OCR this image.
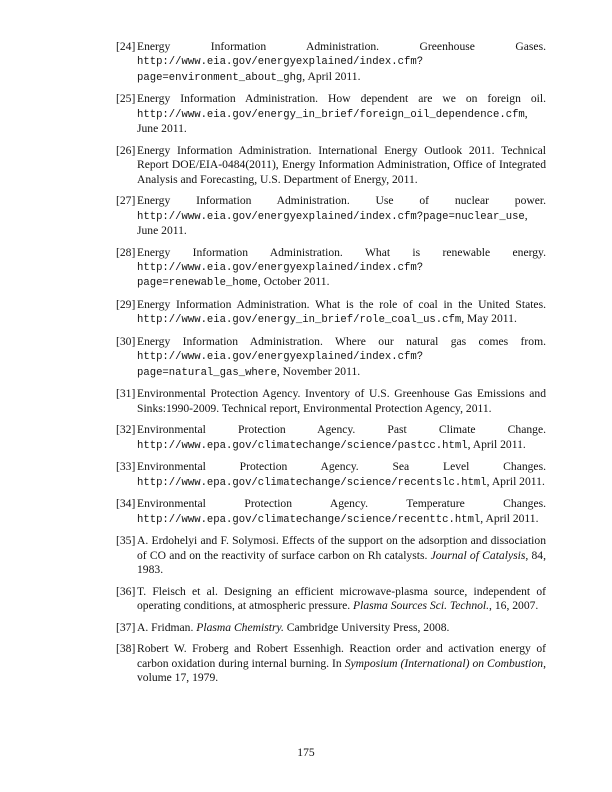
[24] Energy Information Administration. Greenhouse Gases. http://www.eia.gov/energyexplained/index.cfm?page=environment_about_ghg, April 2011.
[25] Energy Information Administration. How dependent are we on foreign oil. http://www.eia.gov/energy_in_brief/foreign_oil_dependence.cfm, June 2011.
[26] Energy Information Administration. International Energy Outlook 2011. Technical Report DOE/EIA-0484(2011), Energy Information Administration, Office of Integrated Analysis and Forecasting, U.S. Department of Energy, 2011.
[27] Energy Information Administration. Use of nuclear power. http://www.eia.gov/energyexplained/index.cfm?page=nuclear_use, June 2011.
[28] Energy Information Administration. What is renewable energy. http://www.eia.gov/energyexplained/index.cfm?page=renewable_home, October 2011.
[29] Energy Information Administration. What is the role of coal in the United States. http://www.eia.gov/energy_in_brief/role_coal_us.cfm, May 2011.
[30] Energy Information Administration. Where our natural gas comes from. http://www.eia.gov/energyexplained/index.cfm?page=natural_gas_where, November 2011.
[31] Environmental Protection Agency. Inventory of U.S. Greenhouse Gas Emissions and Sinks:1990-2009. Technical report, Environmental Protection Agency, 2011.
[32] Environmental Protection Agency. Past Climate Change. http://www.epa.gov/climatechange/science/pastcc.html, April 2011.
[33] Environmental Protection Agency. Sea Level Changes. http://www.epa.gov/climatechange/science/recentslc.html, April 2011.
[34] Environmental Protection Agency. Temperature Changes. http://www.epa.gov/climatechange/science/recenttc.html, April 2011.
[35] A. Erdohelyi and F. Solymosi. Effects of the support on the adsorption and dissociation of CO and on the reactivity of surface carbon on Rh catalysts. Journal of Catalysis, 84, 1983.
[36] T. Fleisch et al. Designing an efficient microwave-plasma source, independent of operating conditions, at atmospheric pressure. Plasma Sources Sci. Technol., 16, 2007.
[37] A. Fridman. Plasma Chemistry. Cambridge University Press, 2008.
[38] Robert W. Froberg and Robert Essenhigh. Reaction order and activation energy of carbon oxidation during internal burning. In Symposium (International) on Combustion, volume 17, 1979.
175
